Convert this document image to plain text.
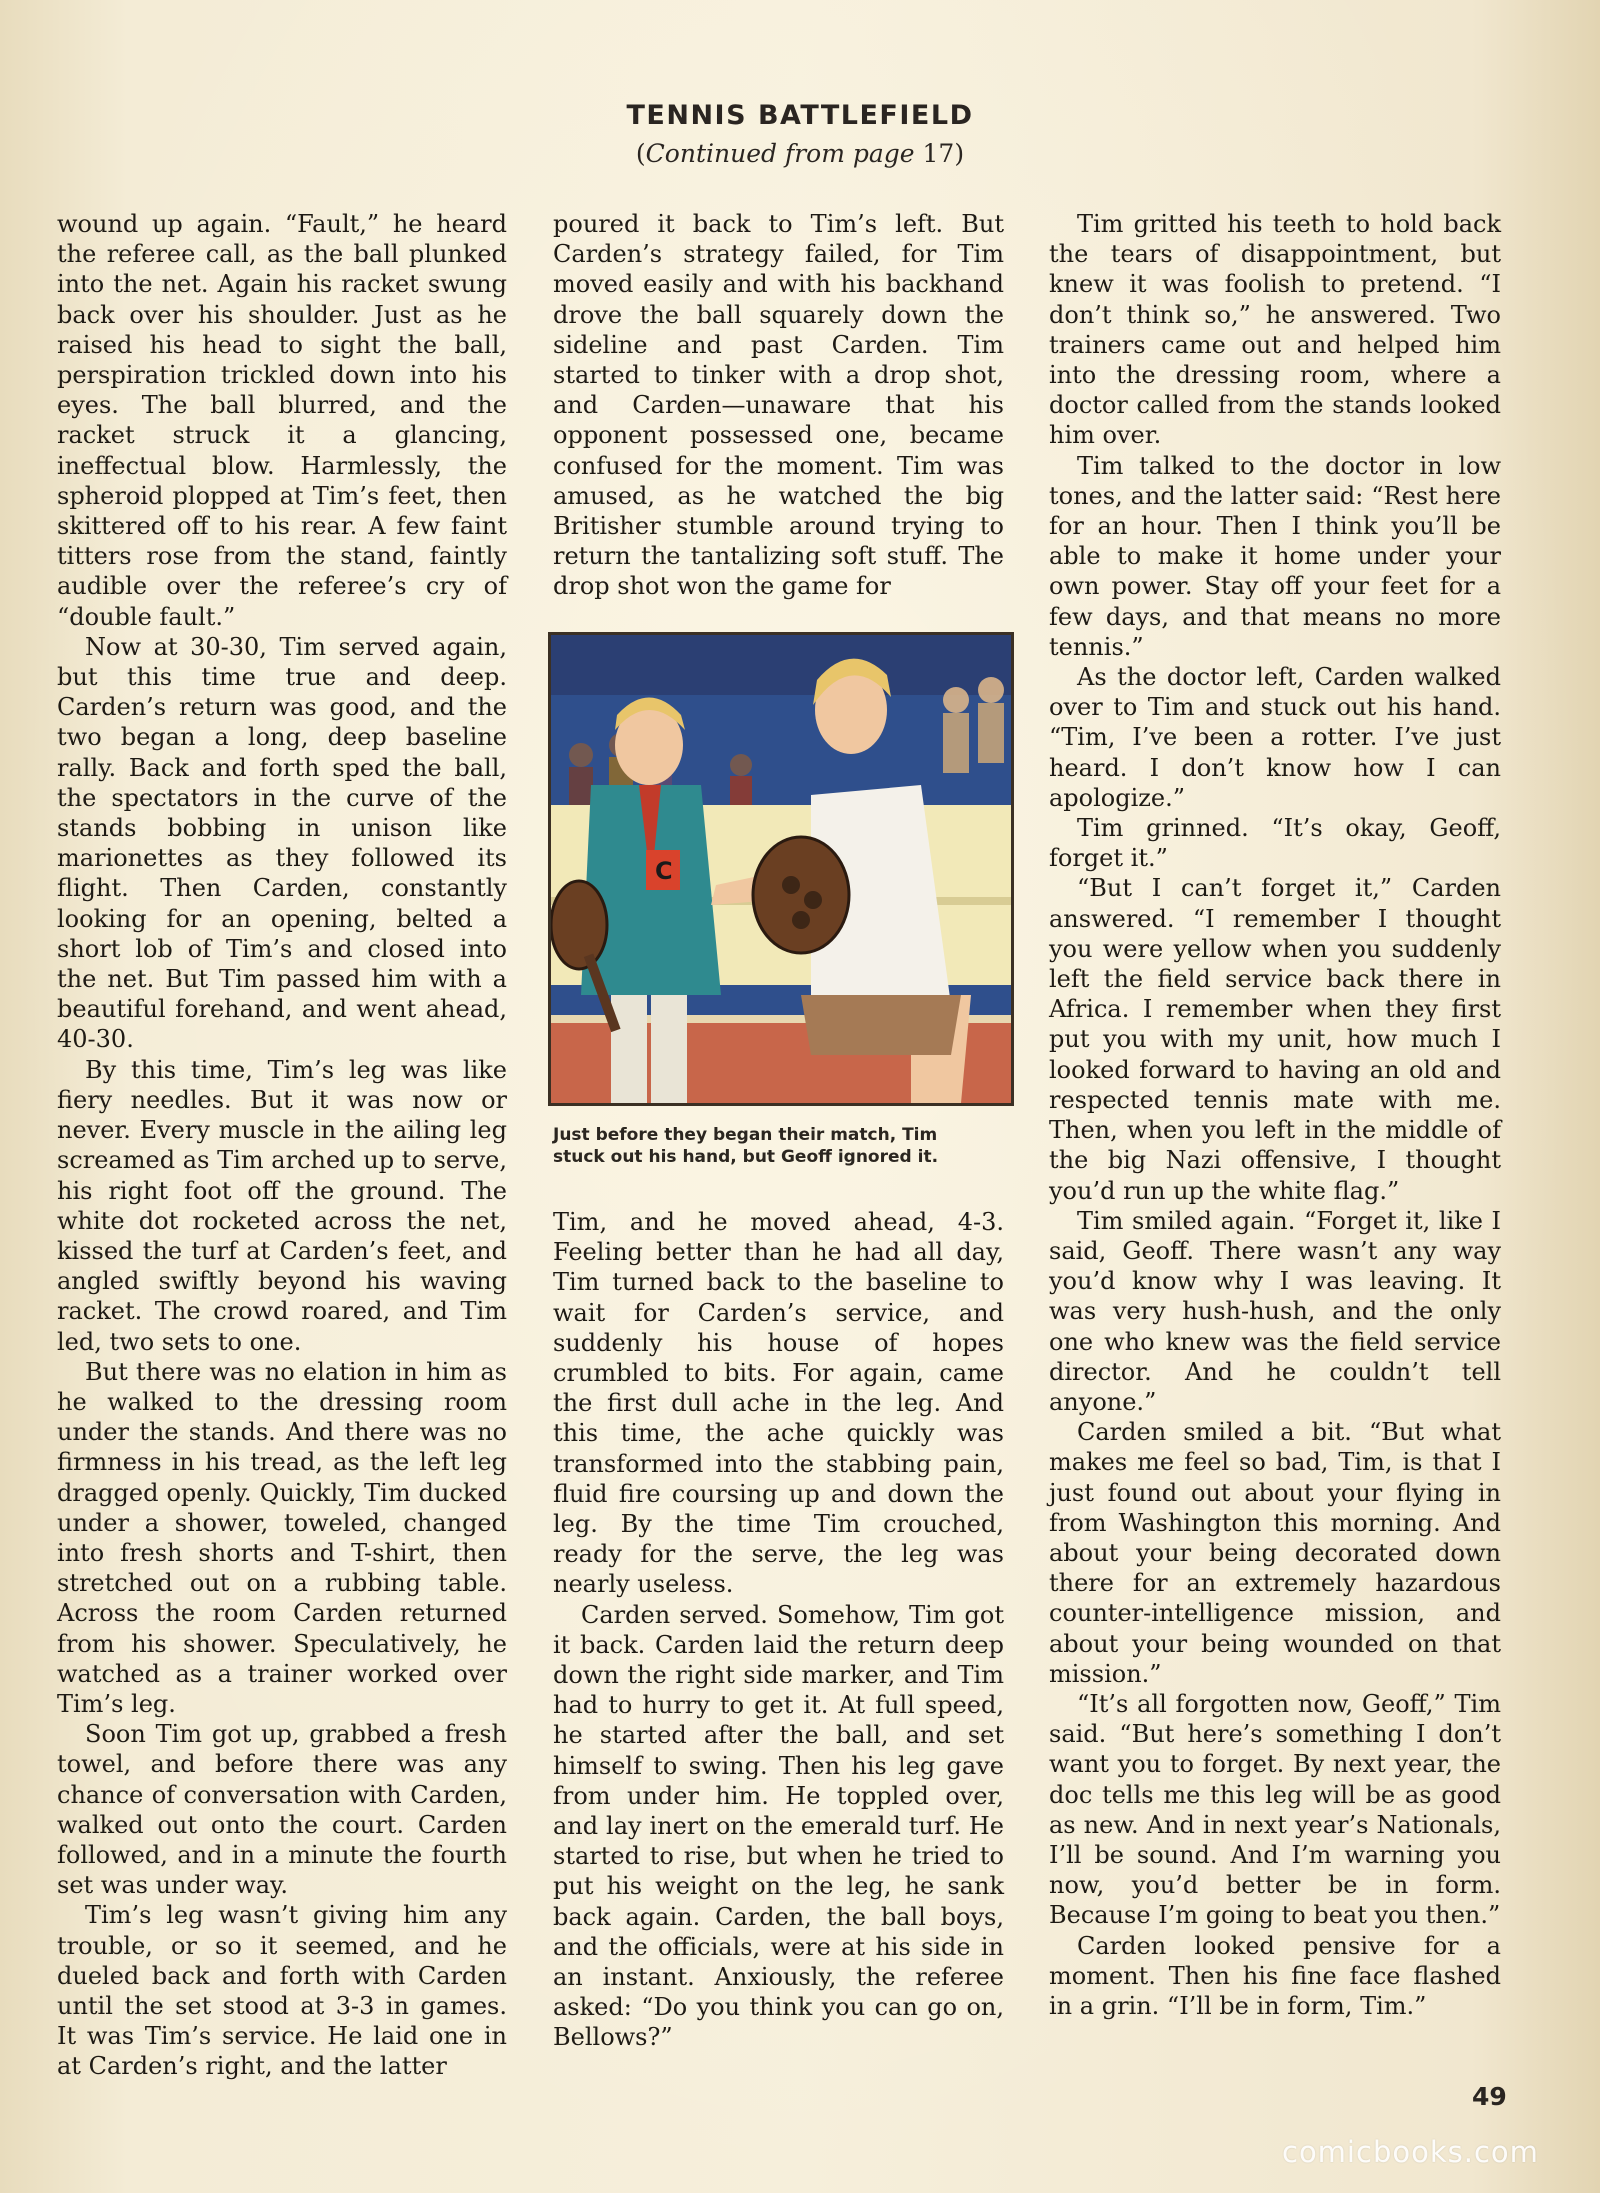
TENNIS BATTLEFIELD
(Continued from page 17)

wound up again. “Fault,” he heard the referee call, as the ball plunked into the net. Again his racket swung back over his shoulder. Just as he raised his head to sight the ball, perspiration trickled down into his eyes. The ball blurred, and the racket struck it a glancing, ineffectual blow. Harmlessly, the spheroid plopped at Tim’s feet, then skittered off to his rear. A few faint titters rose from the stand, faintly audible over the referee’s cry of “double fault.”

Now at 30-30, Tim served again, but this time true and deep. Carden’s return was good, and the two began a long, deep baseline rally. Back and forth sped the ball, the spectators in the curve of the stands bobbing in unison like marionettes as they followed its flight. Then Carden, constantly looking for an opening, belted a short lob of Tim’s and closed into the net. But Tim passed him with a beautiful forehand, and went ahead, 40-30.

By this time, Tim’s leg was like fiery needles. But it was now or never. Every muscle in the ailing leg screamed as Tim arched up to serve, his right foot off the ground. The white dot rocketed across the net, kissed the turf at Carden’s feet, and angled swiftly beyond his waving racket. The crowd roared, and Tim led, two sets to one.

But there was no elation in him as he walked to the dressing room under the stands. And there was no firmness in his tread, as the left leg dragged openly. Quickly, Tim ducked under a shower, toweled, changed into fresh shorts and T-shirt, then stretched out on a rubbing table. Across the room Carden returned from his shower. Speculatively, he watched as a trainer worked over Tim’s leg.

Soon Tim got up, grabbed a fresh towel, and before there was any chance of conversation with Carden, walked out onto the court. Carden followed, and in a minute the fourth set was under way.

Tim’s leg wasn’t giving him any trouble, or so it seemed, and he dueled back and forth with Carden until the set stood at 3-3 in games. It was Tim’s service. He laid one in at Carden’s right, and the latter

poured it back to Tim’s left. But Carden’s strategy failed, for Tim moved easily and with his backhand drove the ball squarely down the sideline and past Carden. Tim started to tinker with a drop shot, and Carden—unaware that his opponent possessed one, became confused for the moment. Tim was amused, as he watched the big Britisher stumble around trying to return the tantalizing soft stuff. The drop shot won the game for

C
Just before they began their match, Tim
stuck out his hand, but Geoff ignored it.

Tim, and he moved ahead, 4-3. Feeling better than he had all day, Tim turned back to the baseline to wait for Carden’s service, and suddenly his house of hopes crumbled to bits. For again, came the first dull ache in the leg. And this time, the ache quickly was transformed into the stabbing pain, fluid fire coursing up and down the leg. By the time Tim crouched, ready for the serve, the leg was nearly useless.

Carden served. Somehow, Tim got it back. Carden laid the return deep down the right side marker, and Tim had to hurry to get it. At full speed, he started after the ball, and set himself to swing. Then his leg gave from under him. He toppled over, and lay inert on the emerald turf. He started to rise, but when he tried to put his weight on the leg, he sank back again. Carden, the ball boys, and the officials, were at his side in an instant. Anxiously, the referee asked: “Do you think you can go on, Bellows?”

Tim gritted his teeth to hold back the tears of disappointment, but knew it was foolish to pretend. “I don’t think so,” he answered. Two trainers came out and helped him into the dressing room, where a doctor called from the stands looked him over.

Tim talked to the doctor in low tones, and the latter said: “Rest here for an hour. Then I think you’ll be able to make it home under your own power. Stay off your feet for a few days, and that means no more tennis.”

As the doctor left, Carden walked over to Tim and stuck out his hand. “Tim, I’ve been a rotter. I’ve just heard. I don’t know how I can apologize.”

Tim grinned. “It’s okay, Geoff, forget it.”

“But I can’t forget it,” Carden answered. “I remember I thought you were yellow when you suddenly left the field service back there in Africa. I remember when they first put you with my unit, how much I looked forward to having an old and respected tennis mate with me. Then, when you left in the middle of the big Nazi offensive, I thought you’d run up the white flag.”

Tim smiled again. “Forget it, like I said, Geoff. There wasn’t any way you’d know why I was leaving. It was very hush-hush, and the only one who knew was the field service director. And he couldn’t tell anyone.”

Carden smiled a bit. “But what makes me feel so bad, Tim, is that I just found out about your flying in from Washington this morning. And about your being decorated down there for an extremely hazardous counter-intelligence mission, and about your being wounded on that mission.”

“It’s all forgotten now, Geoff,” Tim said. “But here’s something I don’t want you to forget. By next year, the doc tells me this leg will be as good as new. And in next year’s Nationals, I’ll be sound. And I’m warning you now, you’d better be in form. Because I’m going to beat you then.”

Carden looked pensive for a moment. Then his fine face flashed in a grin. “I’ll be in form, Tim.”

49
comicbooks.com
